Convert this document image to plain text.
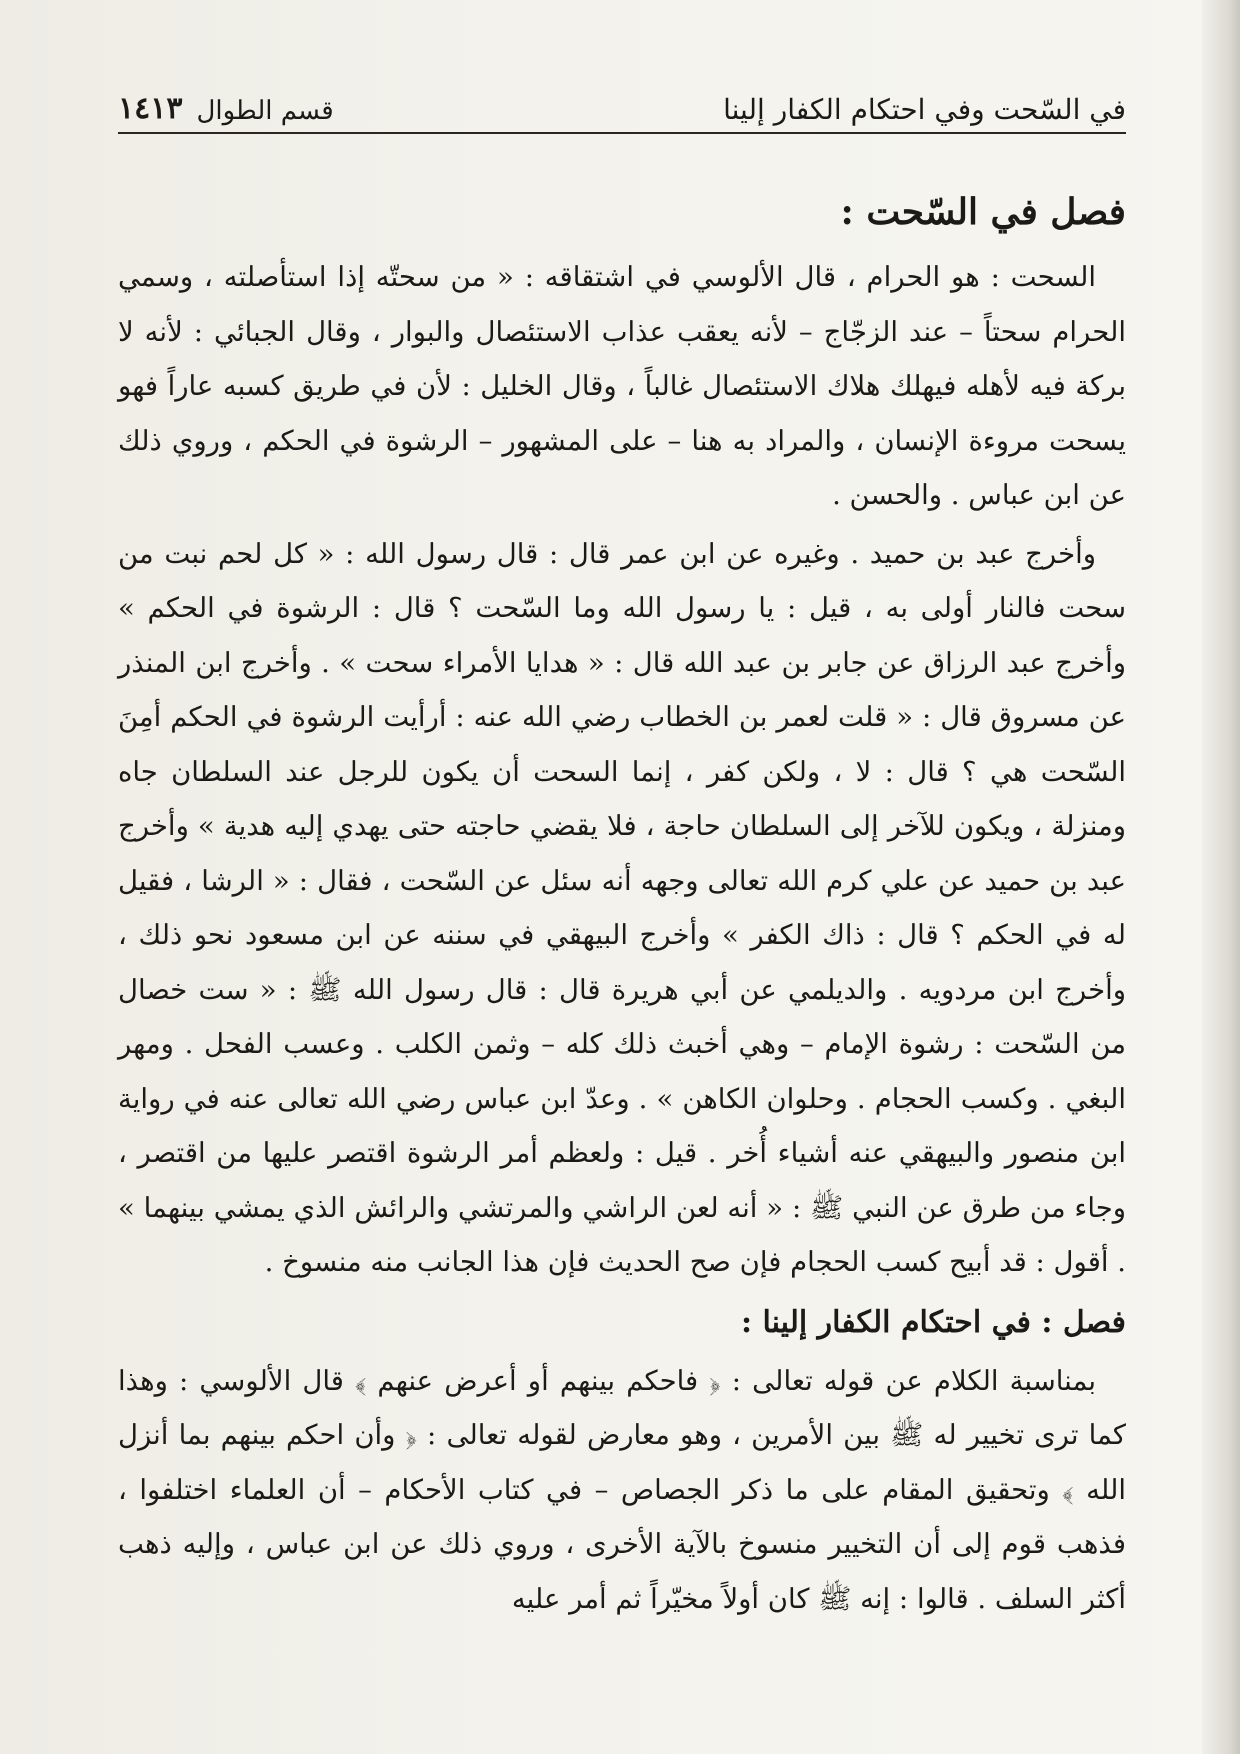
في السّحت وفي احتكام الكفار إلينا
قسم الطوال
١٤١٣
فصل في السّحت :

السحت : هو الحرام ، قال الألوسي في اشتقاقه : « من سحتّه إذا استأصلته ، وسمي الحرام سحتاً – عند الزجّاج – لأنه يعقب عذاب الاستئصال والبوار ، وقال الجبائي : لأنه لا بركة فيه لأهله فيهلك هلاك الاستئصال غالباً ، وقال الخليل : لأن في طريق كسبه عاراً فهو يسحت مروءة الإنسان ، والمراد به هنا – على المشهور – الرشوة في الحكم ، وروي ذلك عن ابن عباس . والحسن .

وأخرج عبد بن حميد . وغيره عن ابن عمر قال : قال رسول الله : « كل لحم نبت من سحت فالنار أولى به ، قيل : يا رسول الله وما السّحت ؟ قال : الرشوة في الحكم » وأخرج عبد الرزاق عن جابر بن عبد الله قال : « هدايا الأمراء سحت » . وأخرج ابن المنذر عن مسروق قال : « قلت لعمر بن الخطاب رضي الله عنه : أرأيت الرشوة في الحكم أمِنَ السّحت هي ؟ قال : لا ، ولكن كفر ، إنما السحت أن يكون للرجل عند السلطان جاه ومنزلة ، ويكون للآخر إلى السلطان حاجة ، فلا يقضي حاجته حتى يهدي إليه هدية » وأخرج عبد بن حميد عن علي كرم الله تعالى وجهه أنه سئل عن السّحت ، فقال : « الرشا ، فقيل له في الحكم ؟ قال : ذاك الكفر » وأخرج البيهقي في سننه عن ابن مسعود نحو ذلك ، وأخرج ابن مردويه . والديلمي عن أبي هريرة قال : قال رسول الله ﷺ : « ست خصال من السّحت : رشوة الإمام – وهي أخبث ذلك كله – وثمن الكلب . وعسب الفحل . ومهر البغي . وكسب الحجام . وحلوان الكاهن » . وعدّ ابن عباس رضي الله تعالى عنه في رواية ابن منصور والبيهقي عنه أشياء أُخر . قيل : ولعظم أمر الرشوة اقتصر عليها من اقتصر ، وجاء من طرق عن النبي ﷺ : « أنه لعن الراشي والمرتشي والرائش الذي يمشي بينهما » . أقول : قد أبيح كسب الحجام فإن صح الحديث فإن هذا الجانب منه منسوخ .

فصل : في احتكام الكفار إلينا :

بمناسبة الكلام عن قوله تعالى : ﴿ فاحكم بينهم أو أعرض عنهم ﴾ قال الألوسي : وهذا كما ترى تخيير له ﷺ بين الأمرين ، وهو معارض لقوله تعالى : ﴿ وأن احكم بينهم بما أنزل الله ﴾ وتحقيق المقام على ما ذكر الجصاص – في كتاب الأحكام – أن العلماء اختلفوا ، فذهب قوم إلى أن التخيير منسوخ بالآية الأخرى ، وروي ذلك عن ابن عباس ، وإليه ذهب أكثر السلف . قالوا : إنه ﷺ كان أولاً مخيّراً ثم أمر عليه
